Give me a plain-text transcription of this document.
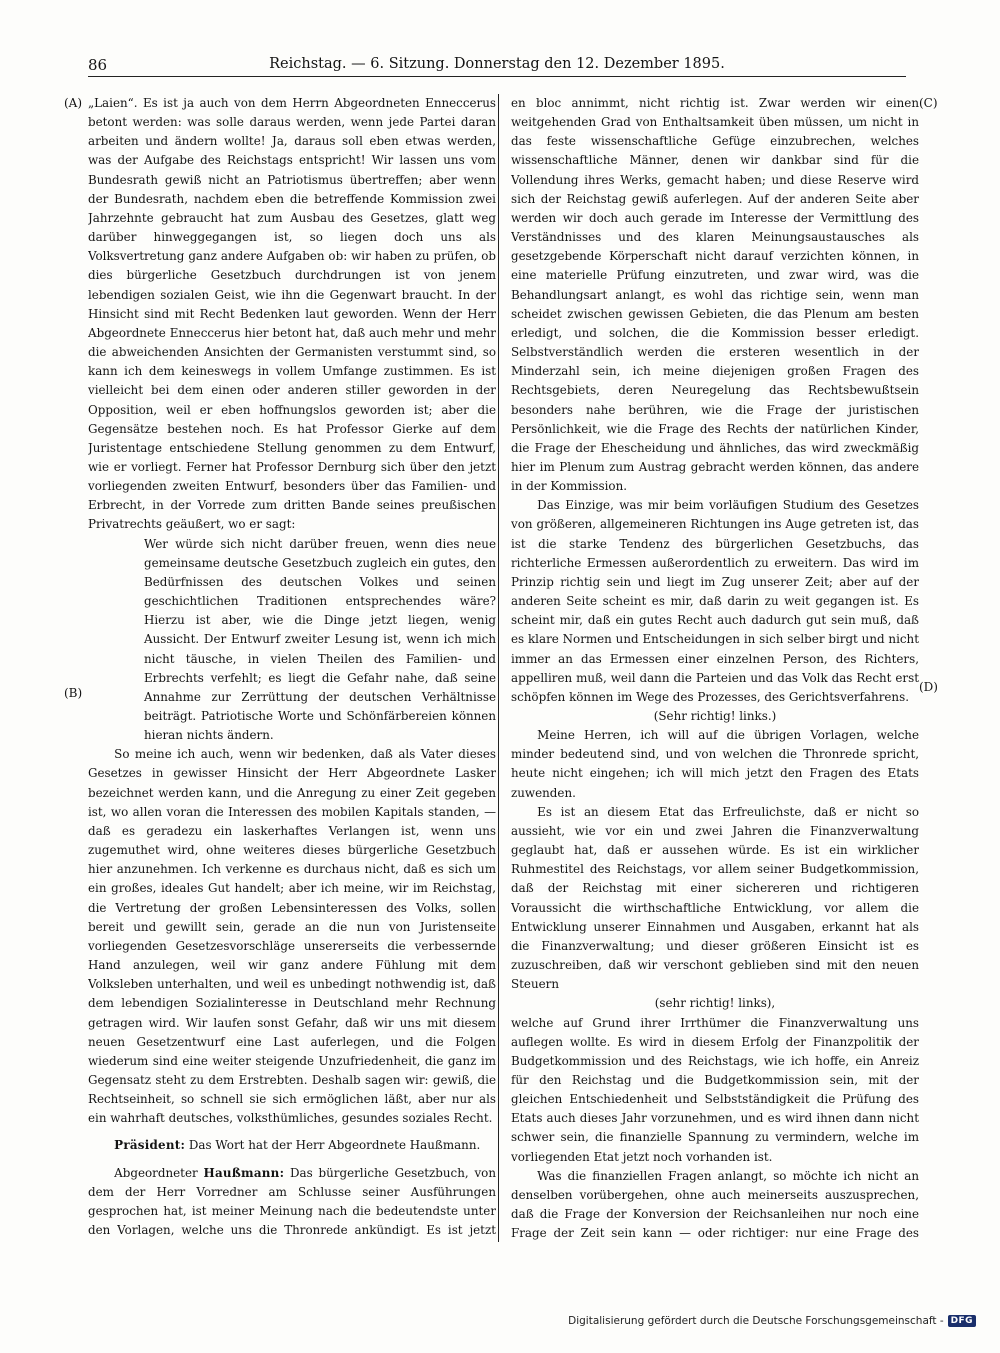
86	Reichstag. — 6. Sitzung. Donnerstag den 12. Dezember 1895.
(A)
(B)
(C)
(D)

„Laien“. Es ist ja auch von dem Herrn Abgeordneten Enneccerus betont werden: was solle daraus werden, wenn jede Partei daran arbeiten und ändern wollte! Ja, daraus soll eben etwas werden, was der Aufgabe des Reichstags entspricht! Wir lassen uns vom Bundesrath gewiß nicht an Patriotismus übertreffen; aber wenn der Bundesrath, nachdem eben die betreffende Kommission zwei Jahrzehnte gebraucht hat zum Ausbau des Gesetzes, glatt weg darüber hinweggegangen ist, so liegen doch uns als Volksvertretung ganz andere Aufgaben ob: wir haben zu prüfen, ob dies bürgerliche Gesetzbuch durchdrungen ist von jenem lebendigen sozialen Geist, wie ihn die Gegenwart braucht. In der Hinsicht sind mit Recht Bedenken laut geworden. Wenn der Herr Abgeordnete Enneccerus hier betont hat, daß auch mehr und mehr die abweichenden Ansichten der Germanisten verstummt sind, so kann ich dem keineswegs in vollem Umfange zustimmen. Es ist vielleicht bei dem einen oder anderen stiller geworden in der Opposition, weil er eben hoffnungslos geworden ist; aber die Gegensätze bestehen noch. Es hat Professor Gierke auf dem Juristentage entschiedene Stellung genommen zu dem Entwurf, wie er vorliegt. Ferner hat Professor Dernburg sich über den jetzt vorliegenden zweiten Entwurf, besonders über das Familien- und Erbrecht, in der Vorrede zum dritten Bande seines preußischen Privatrechts geäußert, wo er sagt:

Wer würde sich nicht darüber freuen, wenn dies neue gemeinsame deutsche Gesetzbuch zugleich ein gutes, den Bedürfnissen des deutschen Volkes und seinen geschichtlichen Traditionen entsprechendes wäre? Hierzu ist aber, wie die Dinge jetzt liegen, wenig Aussicht. Der Entwurf zweiter Lesung ist, wenn ich mich nicht täusche, in vielen Theilen des Familien- und Erbrechts verfehlt; es liegt die Gefahr nahe, daß seine Annahme zur Zerrüttung der deutschen Verhältnisse beiträgt. Patriotische Worte und Schönfärbereien können hieran nichts ändern.

So meine ich auch, wenn wir bedenken, daß als Vater dieses Gesetzes in gewisser Hinsicht der Herr Abgeordnete Lasker bezeichnet werden kann, und die Anregung zu einer Zeit gegeben ist, wo allen voran die Interessen des mobilen Kapitals standen, — daß es geradezu ein laskerhaftes Verlangen ist, wenn uns zugemuthet wird, ohne weiteres dieses bürgerliche Gesetzbuch hier anzunehmen. Ich verkenne es durchaus nicht, daß es sich um ein großes, ideales Gut handelt; aber ich meine, wir im Reichstag, die Vertretung der großen Lebensinteressen des Volks, sollen bereit und gewillt sein, gerade an die nun von Juristenseite vorliegenden Gesetzesvorschläge unsererseits die verbessernde Hand anzulegen, weil wir ganz andere Fühlung mit dem Volksleben unterhalten, und weil es unbedingt nothwendig ist, daß dem lebendigen Sozialinteresse in Deutschland mehr Rechnung getragen wird. Wir laufen sonst Gefahr, daß wir uns mit diesem neuen Gesetzentwurf eine Last auferlegen, und die Folgen wiederum sind eine weiter steigende Unzufriedenheit, die ganz im Gegensatz steht zu dem Erstrebten. Deshalb sagen wir: gewiß, die Rechtseinheit, so schnell sie sich ermöglichen läßt, aber nur als ein wahrhaft deutsches, volksthümliches, gesundes soziales Recht.

Präsident: Das Wort hat der Herr Abgeordnete Haußmann.

Abgeordneter Haußmann: Das bürgerliche Gesetzbuch, von dem der Herr Vorredner am Schlusse seiner Ausführungen gesprochen hat, ist meiner Meinung nach die bedeutendste unter den Vorlagen, welche uns die Thronrede ankündigt. Es ist jetzt

en bloc annimmt, nicht richtig ist. Zwar werden wir einen weitgehenden Grad von Enthaltsamkeit üben müssen, um nicht in das feste wissenschaftliche Gefüge einzubrechen, welches wissenschaftliche Männer, denen wir dankbar sind für die Vollendung ihres Werks, gemacht haben; und diese Reserve wird sich der Reichstag gewiß auferlegen. Auf der anderen Seite aber werden wir doch auch gerade im Interesse der Vermittlung des Verständnisses und des klaren Meinungsaustausches als gesetzgebende Körperschaft nicht darauf verzichten können, in eine materielle Prüfung einzutreten, und zwar wird, was die Behandlungsart anlangt, es wohl das richtige sein, wenn man scheidet zwischen gewissen Gebieten, die das Plenum am besten erledigt, und solchen, die die Kommission besser erledigt. Selbstverständlich werden die ersteren wesentlich in der Minderzahl sein, ich meine diejenigen großen Fragen des Rechtsgebiets, deren Neuregelung das Rechtsbewußtsein besonders nahe berühren, wie die Frage der juristischen Persönlichkeit, wie die Frage des Rechts der natürlichen Kinder, die Frage der Ehescheidung und ähnliches, das wird zweckmäßig hier im Plenum zum Austrag gebracht werden können, das andere in der Kommission.

Das Einzige, was mir beim vorläufigen Studium des Gesetzes von größeren, allgemeineren Richtungen ins Auge getreten ist, das ist die starke Tendenz des bürgerlichen Gesetzbuchs, das richterliche Ermessen außerordentlich zu erweitern. Das wird im Prinzip richtig sein und liegt im Zug unserer Zeit; aber auf der anderen Seite scheint es mir, daß darin zu weit gegangen ist. Es scheint mir, daß ein gutes Recht auch dadurch gut sein muß, daß es klare Normen und Entscheidungen in sich selber birgt und nicht immer an das Ermessen einer einzelnen Person, des Richters, appelliren muß, weil dann die Parteien und das Volk das Recht erst schöpfen können im Wege des Prozesses, des Gerichtsverfahrens.

(Sehr richtig! links.)

Meine Herren, ich will auf die übrigen Vorlagen, welche minder bedeutend sind, und von welchen die Thronrede spricht, heute nicht eingehen; ich will mich jetzt den Fragen des Etats zuwenden.

Es ist an diesem Etat das Erfreulichste, daß er nicht so aussieht, wie vor ein und zwei Jahren die Finanzverwaltung geglaubt hat, daß er aussehen würde. Es ist ein wirklicher Ruhmestitel des Reichstags, vor allem seiner Budgetkommission, daß der Reichstag mit einer sichereren und richtigeren Voraussicht die wirthschaftliche Entwicklung, vor allem die Entwicklung unserer Einnahmen und Ausgaben, erkannt hat als die Finanzverwaltung; und dieser größeren Einsicht ist es zuzuschreiben, daß wir verschont geblieben sind mit den neuen Steuern

(sehr richtig! links),

welche auf Grund ihrer Irrthümer die Finanzverwaltung uns auflegen wollte. Es wird in diesem Erfolg der Finanzpolitik der Budgetkommission und des Reichstags, wie ich hoffe, ein Anreiz für den Reichstag und die Budgetkommission sein, mit der gleichen Entschiedenheit und Selbstständigkeit die Prüfung des Etats auch dieses Jahr vorzunehmen, und es wird ihnen dann nicht schwer sein, die finanzielle Spannung zu vermindern, welche im vorliegenden Etat jetzt noch vorhanden ist.

Was die finanziellen Fragen anlangt, so möchte ich nicht an denselben vorübergehen, ohne auch meinerseits auszusprechen, daß die Frage der Konversion der Reichsanleihen nur noch eine Frage der Zeit sein kann — oder richtiger: nur eine Frage des

Digitalisierung gefördert durch die Deutsche Forschungsgemeinschaft - DFG
